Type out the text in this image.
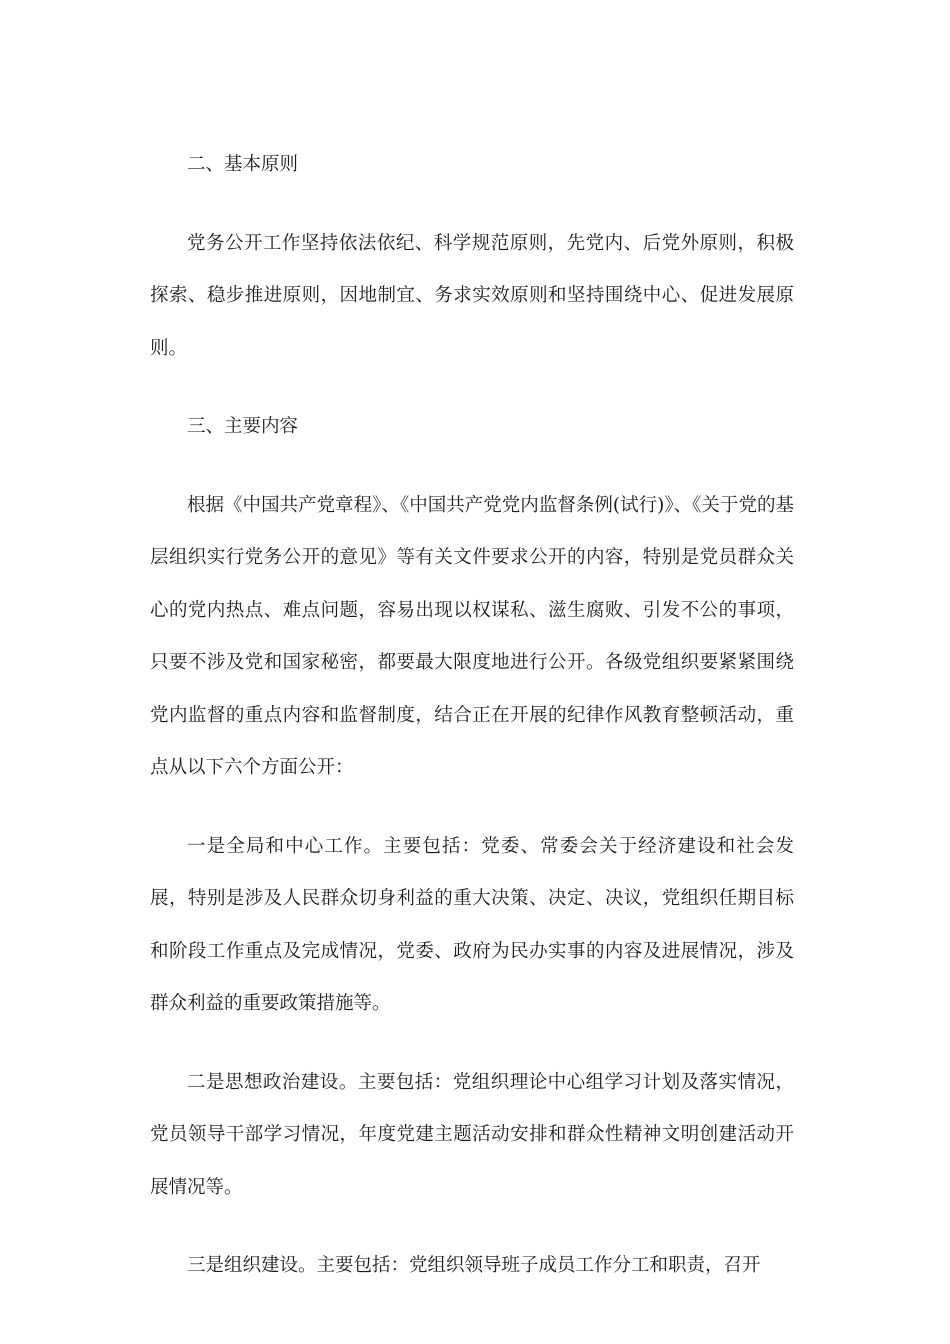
二、基本原则

党务公开工作坚持依法依纪、科学规范原则，先党内、后党外原则，积极探索、稳步推进原则，因地制宜、务求实效原则和坚持围绕中心、促进发展原则。

三、主要内容

根据《中国共产党章程》、《中国共产党党内监督条例(试行)》、《关于党的基层组织实行党务公开的意见》等有关文件要求公开的内容，特别是党员群众关心的党内热点、难点问题，容易出现以权谋私、滋生腐败、引发不公的事项，只要不涉及党和国家秘密，都要最大限度地进行公开。各级党组织要紧紧围绕党内监督的重点内容和监督制度，结合正在开展的纪律作风教育整顿活动，重点从以下六个方面公开：

一是全局和中心工作。主要包括：党委、常委会关于经济建设和社会发展，特别是涉及人民群众切身利益的重大决策、决定、决议，党组织任期目标和阶段工作重点及完成情况，党委、政府为民办实事的内容及进展情况，涉及群众利益的重要政策措施等。

二是思想政治建设。主要包括：党组织理论中心组学习计划及落实情况，党员领导干部学习情况，年度党建主题活动安排和群众性精神文明创建活动开展情况等。

三是组织建设。主要包括：党组织领导班子成员工作分工和职责，召开
